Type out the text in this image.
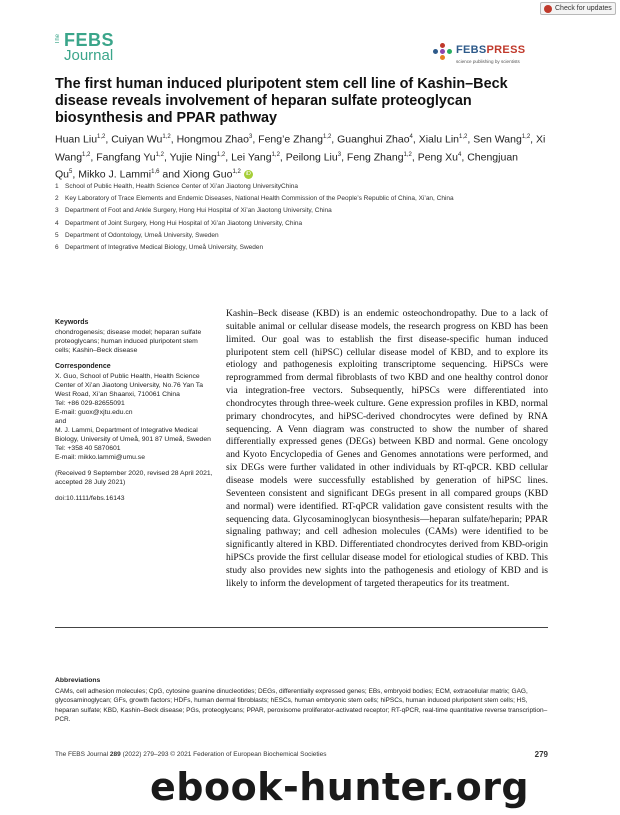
Check for updates
The FEBS
Journal	FEBSPRESS
science publishing by scientists
The first human induced pluripotent stem cell line of Kashin–Beck disease reveals involvement of heparan sulfate proteoglycan biosynthesis and PPAR pathway
Huan Liu$^{1,2}$, Cuiyan Wu$^{1,2}$, Hongmou Zhao$^3$, Feng’e Zhang$^{1,2}$, Guanghui Zhao$^4$, Xialu Lin$^{1,2}$, Sen Wang$^{1,2}$, Xi Wang$^{1,2}$, Fangfang Yu$^{1,2}$, Yujie Ning$^{1,2}$, Lei Yang$^{1,2}$, Peilong Liu$^3$, Feng Zhang$^{1,2}$, Peng Xu$^4$, Chengjuan Qu$^5$, Mikko J. Lammi$^{1,6}$ and Xiong Guo$^{1,2}$ iD
1 School of Public Health, Health Science Center of Xi’an Jiaotong UniversityChina
2 Key Laboratory of Trace Elements and Endemic Diseases, National Health Commission of the People’s Republic of China, Xi’an, China
3 Department of Foot and Ankle Surgery, Hong Hui Hospital of Xi’an Jiaotong University, China
4 Department of Joint Surgery, Hong Hui Hospital of Xi’an Jiaotong University, China
5 Department of Odontology, Umeå University, Sweden
6 Department of Integrative Medical Biology, Umeå University, Sweden
Keywords

chondrogenesis; disease model; heparan sulfate proteoglycans; human induced pluripotent stem cells; Kashin–Beck disease

Correspondence

X. Guo, School of Public Health, Health Science Center of Xi’an Jiaotong University, No.76 Yan Ta West Road, Xi’an Shaanxi, 710061 China

Tel: +86 029-82655091

E-mail: guox@xjtu.edu.cn

and

M. J. Lammi, Department of Integrative Medical Biology, University of Umeå, 901 87 Umeå, Sweden

Tel: +358 40 5870601

E-mail: mikko.lammi@umu.se

(Received 9 September 2020, revised 28 April 2021, accepted 28 July 2021)

doi:10.1111/febs.16143

Kashin–Beck disease (KBD) is an endemic osteochondropathy. Due to a lack of suitable animal or cellular disease models, the research progress on KBD has been limited. Our goal was to establish the first disease-specific human induced pluripotent stem cell (hiPSC) cellular disease model of KBD, and to explore its etiology and pathogenesis exploiting transcriptome sequencing. HiPSCs were reprogrammed from dermal fibroblasts of two KBD and one healthy control donor via integration-free vectors. Subsequently, hiPSCs were differentiated into chondrocytes through three-week culture. Gene expression profiles in KBD, normal primary chondrocytes, and hiPSC-derived chondrocytes were defined by RNA sequencing. A Venn diagram was constructed to show the number of shared differentially expressed genes (DEGs) between KBD and normal. Gene oncology and Kyoto Encyclopedia of Genes and Genomes annotations were performed, and six DEGs were further validated in other individuals by RT-qPCR. KBD cellular disease models were successfully established by generation of hiPSC lines. Seventeen consistent and significant DEGs present in all compared groups (KBD and normal) were identified. RT-qPCR validation gave consistent results with the sequencing data. Glycosaminoglycan biosynthesis—heparan sulfate/heparin; PPAR signaling pathway; and cell adhesion molecules (CAMs) were identified to be significantly altered in KBD. Differentiated chondrocytes derived from KBD-origin hiPSCs provide the first cellular disease model for etiological studies of KBD. This study also provides new sights into the pathogenesis and etiology of KBD and is likely to inform the development of targeted therapeutics for its treatment.

Abbreviations

CAMs, cell adhesion molecules; CpG, cytosine guanine dinucleotides; DEGs, differentially expressed genes; EBs, embryoid bodies; ECM, extracellular matrix; GAG, glycosaminoglycan; GFs, growth factors; HDFs, human dermal fibroblasts; hESCs, human embryonic stem cells; hiPSCs, human induced pluripotent stem cells; HS, heparan sulfate; KBD, Kashin–Beck disease; PGs, proteoglycans; PPAR, peroxisome proliferator-activated receptor; RT-qPCR, real-time quantitative reverse transcription–PCR.

The FEBS Journal 289 (2022) 279–293 © 2021 Federation of European Biochemical Societies	279
ebook-hunter.org
